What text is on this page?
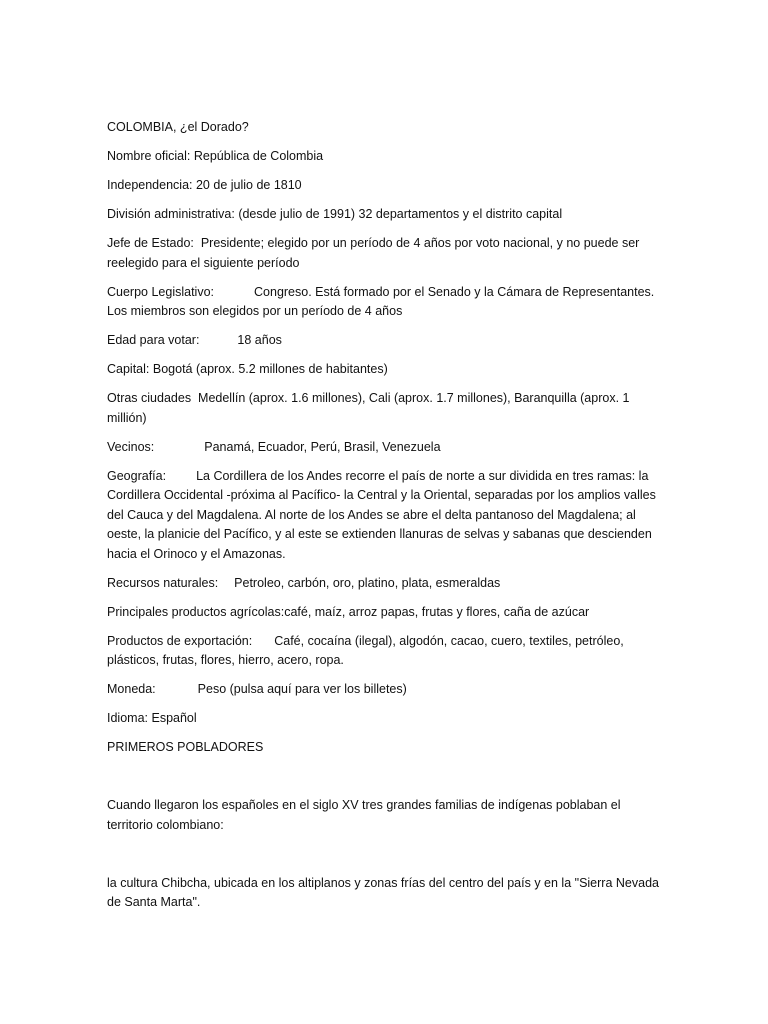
COLOMBIA, ¿el Dorado?

Nombre oficial: República de Colombia

Independencia: 20 de julio de 1810

División administrativa: (desde julio de 1991) 32 departamentos y el distrito capital

Jefe de Estado: Presidente; elegido por un período de 4 años por voto nacional, y no puede ser reelegido para el siguiente período

Cuerpo Legislativo:	Congreso. Está formado por el Senado y la Cámara de Representantes. Los miembros son elegidos por un período de 4 años

Edad para votar:	18 años

Capital: Bogotá (aprox. 5.2 millones de habitantes)

Otras ciudades Medellín (aprox. 1.6 millones), Cali (aprox. 1.7 millones), Baranquilla (aprox. 1 millión)

Vecinos:	Panamá, Ecuador, Perú, Brasil, Venezuela

Geografía: La Cordillera de los Andes recorre el país de norte a sur dividida en tres ramas: la Cordillera Occidental -próxima al Pacífico- la Central y la Oriental, separadas por los amplios valles del Cauca y del Magdalena. Al norte de los Andes se abre el delta pantanoso del Magdalena; al oeste, la planicie del Pacífico, y al este se extienden llanuras de selvas y sabanas que descienden hacia el Orinoco y el Amazonas.

Recursos naturales: Petroleo, carbón, oro, platino, plata, esmeraldas

Principales productos agrícolas:café, maíz, arroz papas, frutas y flores, caña de azúcar

Productos de exportación: Café, cocaína (ilegal), algodón, cacao, cuero, textiles, petróleo, plásticos, frutas, flores, hierro, acero, ropa.

Moneda:	Peso (pulsa aquí para ver los billetes)

Idioma: Español

PRIMEROS POBLADORES

Cuando llegaron los españoles en el siglo XV tres grandes familias de indígenas poblaban el territorio colombiano:

la cultura Chibcha, ubicada en los altiplanos y zonas frías del centro del país y en la "Sierra Nevada de Santa Marta".
